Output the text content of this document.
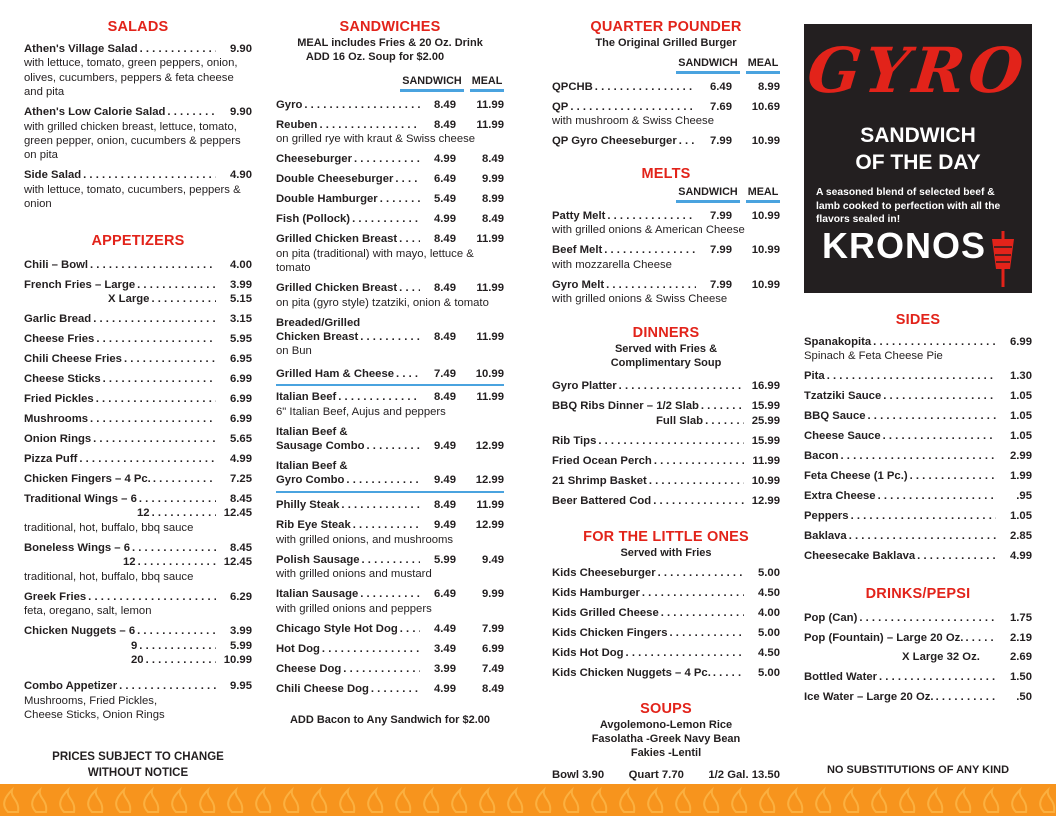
SALADS
Athen's Village Salad . . .	9.90
with lettuce, tomato, green peppers, onion, olives, cucumbers, peppers & feta cheese and pita
Athen's Low Calorie Salad . . .	9.90
with grilled chicken breast, lettuce, tomato, green pepper, onion, cucumbers & peppers on pita
Side Salad . . .	4.90
with lettuce, tomato, cucumbers, peppers & onion
APPETIZERS
Chili – Bowl . . .	4.00
French Fries – Large . . .	3.99
X Large . . .	5.15
Garlic Bread . . .	3.15
Cheese Fries . . .	5.95
Chili Cheese Fries . . .	6.95
Cheese Sticks . . .	6.99
Fried Pickles . . .	6.99
Mushrooms . . .	6.99
Onion Rings . . .	5.65
Pizza Puff . . .	4.99
Chicken Fingers – 4 Pc. . . .	7.25
Traditional Wings – 6 . . .	8.45
12 . . .	12.45
traditional, hot, buffalo, bbq sauce
Boneless Wings – 6 . . .	8.45
12 . . .	12.45
traditional, hot, buffalo, bbq sauce
Greek Fries . . .	6.29
feta, oregano, salt, lemon
Chicken Nuggets – 6 . . .	3.99
9 . . .	5.99
20 . . .	10.99
Combo Appetizer . . .	9.95
Mushrooms, Fried Pickles, Cheese Sticks, Onion Rings
PRICES SUBJECT TO CHANGE
WITHOUT NOTICE
SANDWICHES
MEAL includes Fries & 20 Oz. Drink
ADD 16 Oz. Soup for $2.00
SANDWICH MEAL
Gyro . . .	8.49	11.99
Reuben . . .	8.49	11.99
on grilled rye with kraut & Swiss cheese
Cheeseburger . . .	4.99	8.49
Double Cheeseburger . . .	6.49	9.99
Double Hamburger . . .	5.49	8.99
Fish (Pollock) . . .	4.99	8.49
Grilled Chicken Breast . . .	8.49	11.99
on pita (traditional) with mayo, lettuce & tomato
Grilled Chicken Breast . . .	8.49	11.99
on pita (gyro style) tzatziki, onion & tomato
Breaded/Grilled
Chicken Breast . . .	8.49	11.99
on Bun
Grilled Ham & Cheese . . .	7.49	10.99
Italian Beef . . .	8.49	11.99
6" Italian Beef, Aujus and peppers
Italian Beef &
Sausage Combo . . .	9.49	12.99
Italian Beef &
Gyro Combo . . .	9.49	12.99
Philly Steak . . .	8.49	11.99
Rib Eye Steak . . .	9.49	12.99
with grilled onions, and mushrooms
Polish Sausage . . .	5.99	9.49
with grilled onions and mustard
Italian Sausage . . .	6.49	9.99
with grilled onions and peppers
Chicago Style Hot Dog . . .	4.49	7.99
Hot Dog . . .	3.49	6.99
Cheese Dog . . .	3.99	7.49
Chili Cheese Dog . . .	4.99	8.49
ADD Bacon to Any Sandwich for $2.00
QUARTER POUNDER
The Original Grilled Burger
SANDWICH MEAL
QPCHB . . .	6.49	8.99
QP . . .	7.69	10.69
with mushroom & Swiss Cheese
QP Gyro Cheeseburger . . .	7.99	10.99
MELTS
SANDWICH MEAL
Patty Melt . . .	7.99	10.99
with grilled onions & American Cheese
Beef Melt . . .	7.99	10.99
with mozzarella Cheese
Gyro Melt . . .	7.99	10.99
with grilled onions & Swiss Cheese
DINNERS
Served with Fries &
Complimentary Soup
Gyro Platter . . .	16.99
BBQ Ribs Dinner – 1/2 Slab . . .	15.99
Full Slab . . .	25.99
Rib Tips . . .	15.99
Fried Ocean Perch . . .	11.99
21 Shrimp Basket . . .	10.99
Beer Battered Cod . . .	12.99
FOR THE LITTLE ONES
Served with Fries
Kids Cheeseburger . . .	5.00
Kids Hamburger . . .	4.50
Kids Grilled Cheese . . .	4.00
Kids Chicken Fingers . . .	5.00
Kids Hot Dog . . .	4.50
Kids Chicken Nuggets – 4 Pc. . . .	5.00
SOUPS
Avgolemono-Lemon Rice
Fasolatha -Greek Navy Bean
Fakies -Lentil
Bowl 3.90 Quart 7.70 1/2 Gal. 13.50
GYRO
SANDWICH
OF THE DAY
A seasoned blend of selected beef & lamb cooked to perfection with all the flavors sealed in!
KRONOS
SIDES
Spanakopita . . .	6.99
Spinach & Feta Cheese Pie
Pita . . .	1.30
Tzatziki Sauce . . .	1.05
BBQ Sauce . . .	1.05
Cheese Sauce . . .	1.05
Bacon . . .	2.99
Feta Cheese (1 Pc.) . . .	1.99
Extra Cheese . . .	.95
Peppers . . .	1.05
Baklava . . .	2.85
Cheesecake Baklava . . .	4.99
DRINKS/PEPSI
Pop (Can) . . .	1.75
Pop (Fountain) – Large 20 Oz. . . .	2.19
X Large 32 Oz.	2.69
Bottled Water . . .	1.50
Ice Water – Large 20 Oz. . . .	.50
NO SUBSTITUTIONS OF ANY KIND
